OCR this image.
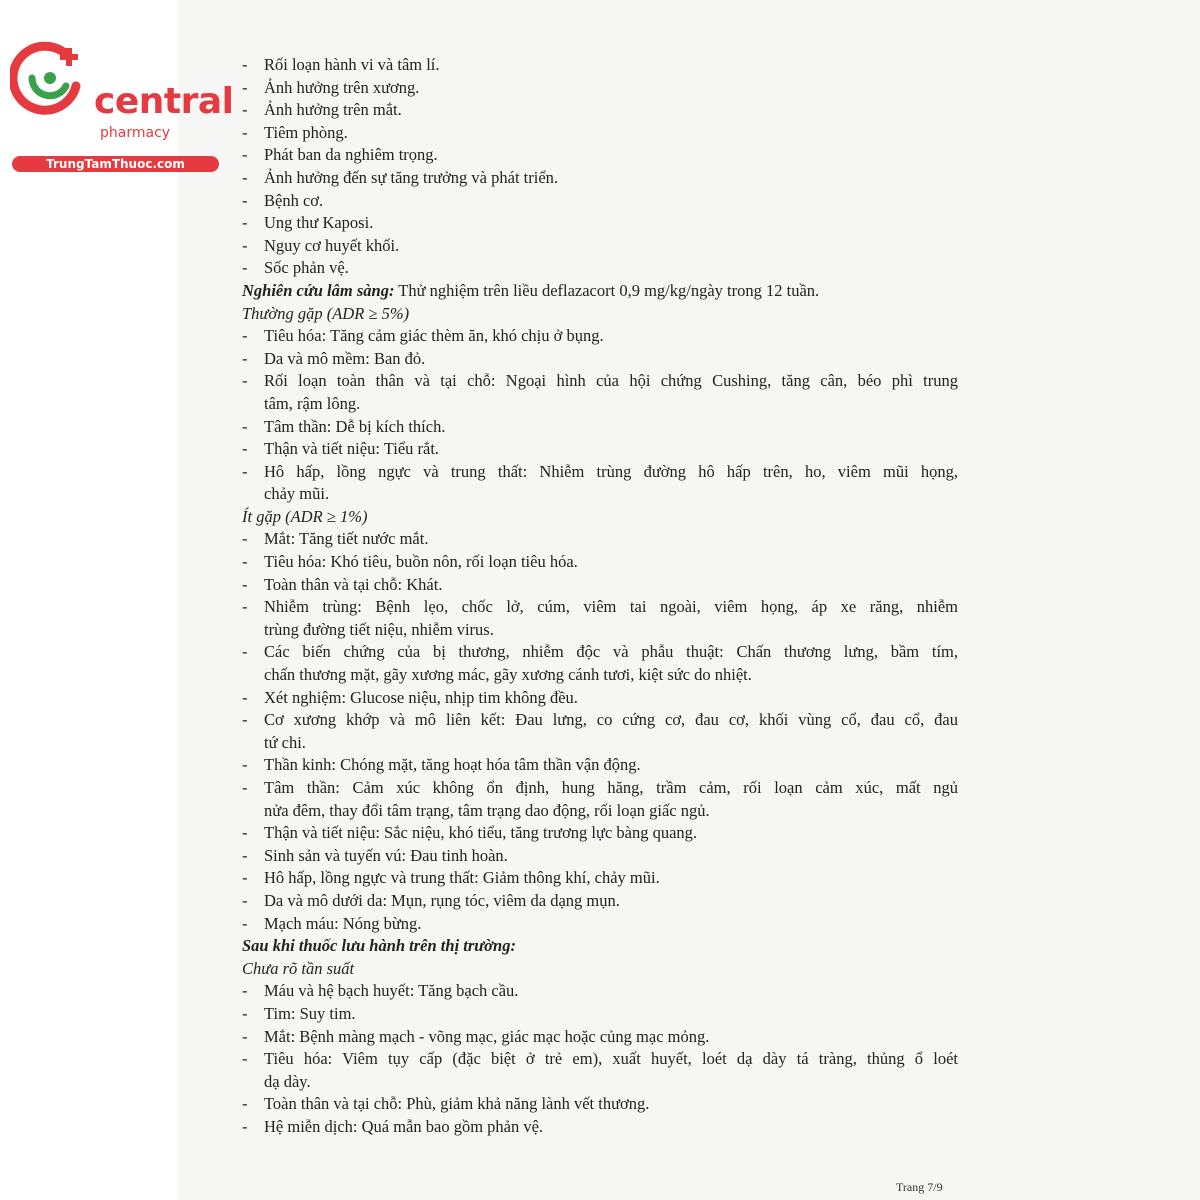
central
pharmacy
TrungTamThuoc.com
- Rối loạn hành vi và tâm lí.
- Ảnh hưởng trên xương.
- Ảnh hưởng trên mắt.
- Tiêm phòng.
- Phát ban da nghiêm trọng.
- Ảnh hưởng đến sự tăng trưởng và phát triển.
- Bệnh cơ.
- Ung thư Kaposi.
- Nguy cơ huyết khối.
- Sốc phản vệ.
Nghiên cứu lâm sàng: Thử nghiệm trên liều deflazacort 0,9 mg/kg/ngày trong 12 tuần.
Thường gặp (ADR ≥ 5%)
- Tiêu hóa: Tăng cảm giác thèm ăn, khó chịu ở bụng.
- Da và mô mềm: Ban đỏ.
- Rối loạn toàn thân và tại chỗ: Ngoại hình của hội chứng Cushing, tăng cân, béo phì trung
tâm, rậm lông.
- Tâm thần: Dễ bị kích thích.
- Thận và tiết niệu: Tiểu rắt.
- Hô hấp, lồng ngực và trung thất: Nhiễm trùng đường hô hấp trên, ho, viêm mũi họng,
chảy mũi.
Ít gặp (ADR ≥ 1%)
- Mắt: Tăng tiết nước mắt.
- Tiêu hóa: Khó tiêu, buồn nôn, rối loạn tiêu hóa.
- Toàn thân và tại chỗ: Khát.
- Nhiễm trùng: Bệnh lẹo, chốc lở, cúm, viêm tai ngoài, viêm họng, áp xe răng, nhiễm
trùng đường tiết niệu, nhiễm virus.
- Các biến chứng của bị thương, nhiễm độc và phẫu thuật: Chấn thương lưng, bầm tím,
chấn thương mặt, gãy xương mác, gãy xương cánh tươi, kiệt sức do nhiệt.
- Xét nghiệm: Glucose niệu, nhịp tim không đều.
- Cơ xương khớp và mô liên kết: Đau lưng, co cứng cơ, đau cơ, khối vùng cổ, đau cổ, đau
tứ chi.
- Thần kinh: Chóng mặt, tăng hoạt hóa tâm thần vận động.
- Tâm thần: Cảm xúc không ổn định, hung hăng, trầm cảm, rối loạn cảm xúc, mất ngủ
nửa đêm, thay đổi tâm trạng, tâm trạng dao động, rối loạn giấc ngủ.
- Thận và tiết niệu: Sắc niệu, khó tiểu, tăng trương lực bàng quang.
- Sinh sản và tuyến vú: Đau tinh hoàn.
- Hô hấp, lồng ngực và trung thất: Giảm thông khí, chảy mũi.
- Da và mô dưới da: Mụn, rụng tóc, viêm da dạng mụn.
- Mạch máu: Nóng bừng.
Sau khi thuốc lưu hành trên thị trường:
Chưa rõ tần suất
- Máu và hệ bạch huyết: Tăng bạch cầu.
- Tim: Suy tim.
- Mắt: Bệnh màng mạch - võng mạc, giác mạc hoặc củng mạc mỏng.
- Tiêu hóa: Viêm tụy cấp (đặc biệt ở trẻ em), xuất huyết, loét dạ dày tá tràng, thủng ổ loét
dạ dày.
- Toàn thân và tại chỗ: Phù, giảm khả năng lành vết thương.
- Hệ miễn dịch: Quá mẫn bao gồm phản vệ.
Trang 7/9
